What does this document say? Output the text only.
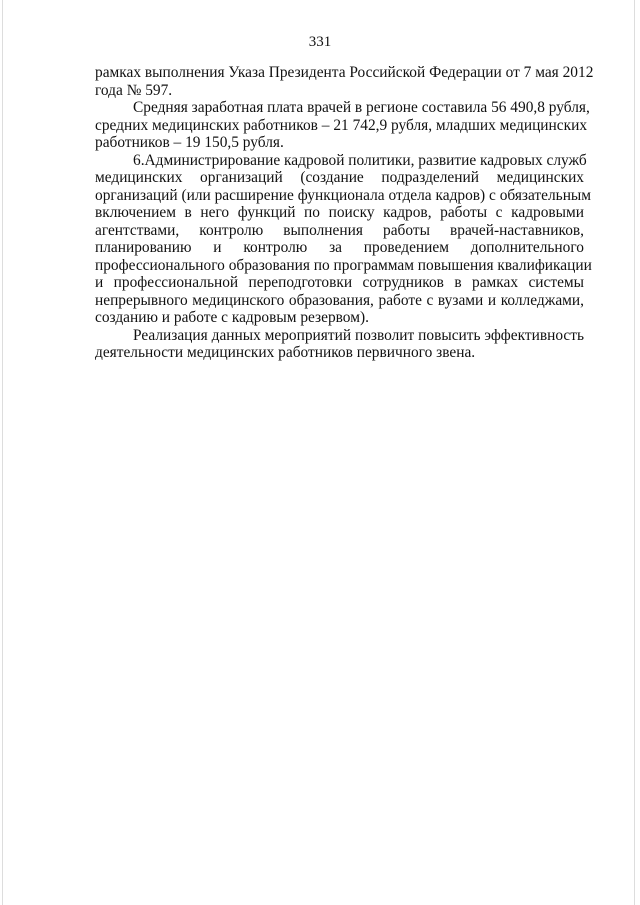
331
рамках выполнения Указа Президента Российской Федерации от 7 мая 2012
года № 597.
Средняя заработная плата врачей в регионе составила 56 490,8 рубля,
средних медицинских работников – 21 742,9 рубля, младших медицинских
работников – 19 150,5 рубля.
6.Администрирование кадровой политики, развитие кадровых служб
медицинских организаций (создание подразделений медицинских
организаций (или расширение функционала отдела кадров) с обязательным
включением в него функций по поиску кадров, работы с кадровыми
агентствами, контролю выполнения работы врачей-наставников,
планированию и контролю за проведением дополнительного
профессионального образования по программам повышения квалификации
и профессиональной переподготовки сотрудников в рамках системы
непрерывного медицинского образования, работе с вузами и колледжами,
созданию и работе с кадровым резервом).
Реализация данных мероприятий позволит повысить эффективность
деятельности медицинских работников первичного звена.
